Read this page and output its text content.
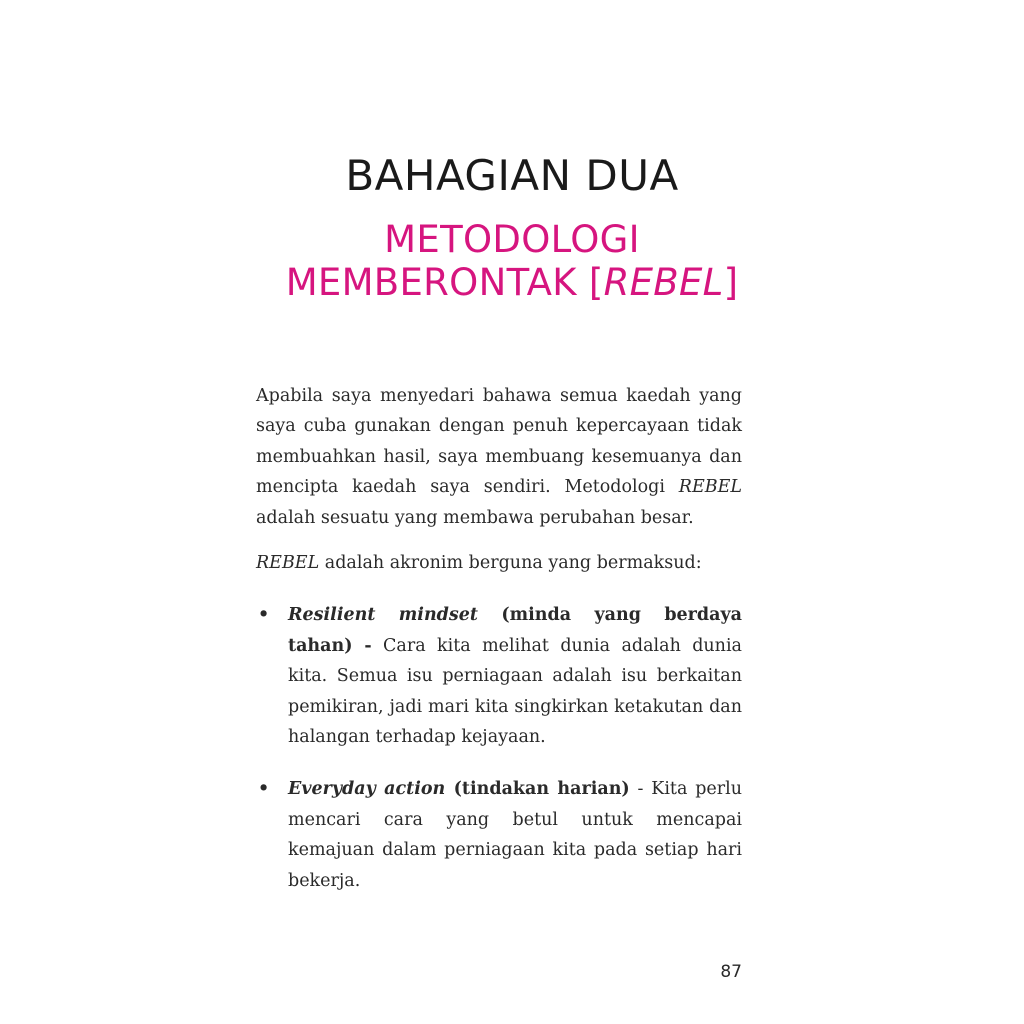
BAHAGIAN DUA
METODOLOGI
MEMBERONTAK [REBEL]

Apabila saya menyedari bahawa semua kaedah yang saya cuba gunakan dengan penuh kepercayaan tidak membuahkan hasil, saya membuang kesemuanya dan mencipta kaedah saya sendiri. Metodologi REBEL adalah sesuatu yang membawa perubahan besar.

REBEL adalah akronim berguna yang bermaksud:

• Resilient mindset (minda yang berdaya tahan) - Cara kita melihat dunia adalah dunia kita. Semua isu perniagaan adalah isu berkaitan pemikiran, jadi mari kita singkirkan ketakutan dan halangan terhadap kejayaan.
• Everyday action (tindakan harian) - Kita perlu mencari cara yang betul untuk mencapai kemajuan dalam perniagaan kita pada setiap hari bekerja.
87
